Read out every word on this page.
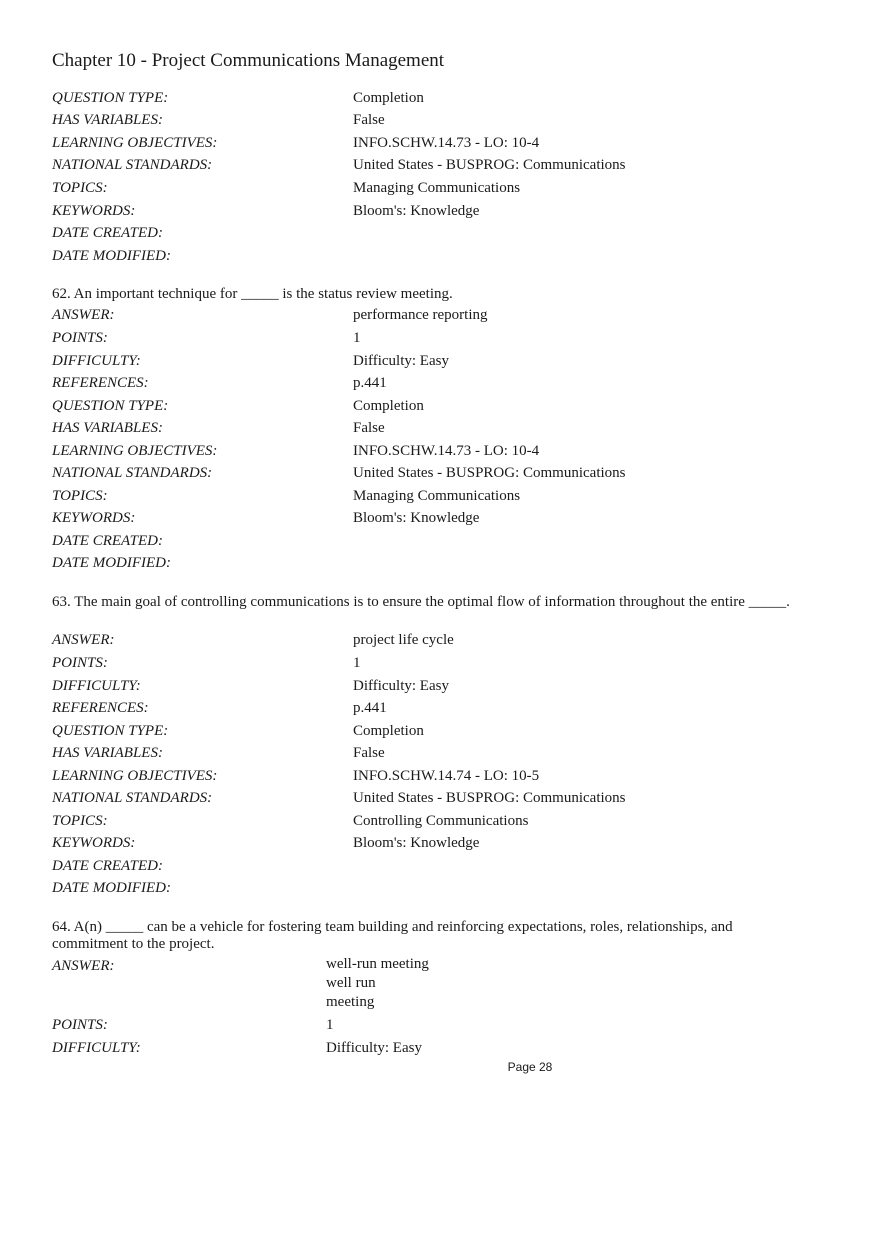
Chapter 10 - Project Communications Management
QUESTION TYPE:	Completion
HAS VARIABLES:	False
LEARNING OBJECTIVES:	INFO.SCHW.14.73 - LO: 10-4
NATIONAL STANDARDS:	United States - BUSPROG: Communications
TOPICS:	Managing Communications
KEYWORDS:	Bloom's: Knowledge
DATE CREATED:
DATE MODIFIED:
62. An important technique for _____ is the status review meeting.
ANSWER:	performance reporting
POINTS:	1
DIFFICULTY:	Difficulty: Easy
REFERENCES:	p.441
QUESTION TYPE:	Completion
HAS VARIABLES:	False
LEARNING OBJECTIVES:	INFO.SCHW.14.73 - LO: 10-4
NATIONAL STANDARDS:	United States - BUSPROG: Communications
TOPICS:	Managing Communications
KEYWORDS:	Bloom's: Knowledge
DATE CREATED:
DATE MODIFIED:
63. The main goal of controlling communications is to ensure the optimal flow of information throughout the entire _____.
ANSWER:	project life cycle
POINTS:	1
DIFFICULTY:	Difficulty: Easy
REFERENCES:	p.441
QUESTION TYPE:	Completion
HAS VARIABLES:	False
LEARNING OBJECTIVES:	INFO.SCHW.14.74 - LO: 10-5
NATIONAL STANDARDS:	United States - BUSPROG: Communications
TOPICS:	Controlling Communications
KEYWORDS:	Bloom's: Knowledge
DATE CREATED:
DATE MODIFIED:
64. A(n) _____ can be a vehicle for fostering team building and reinforcing expectations, roles, relationships, and commitment to the project.
ANSWER:	well-run meeting
well run
meeting
POINTS:	1
DIFFICULTY:	Difficulty: Easy
Page 28
